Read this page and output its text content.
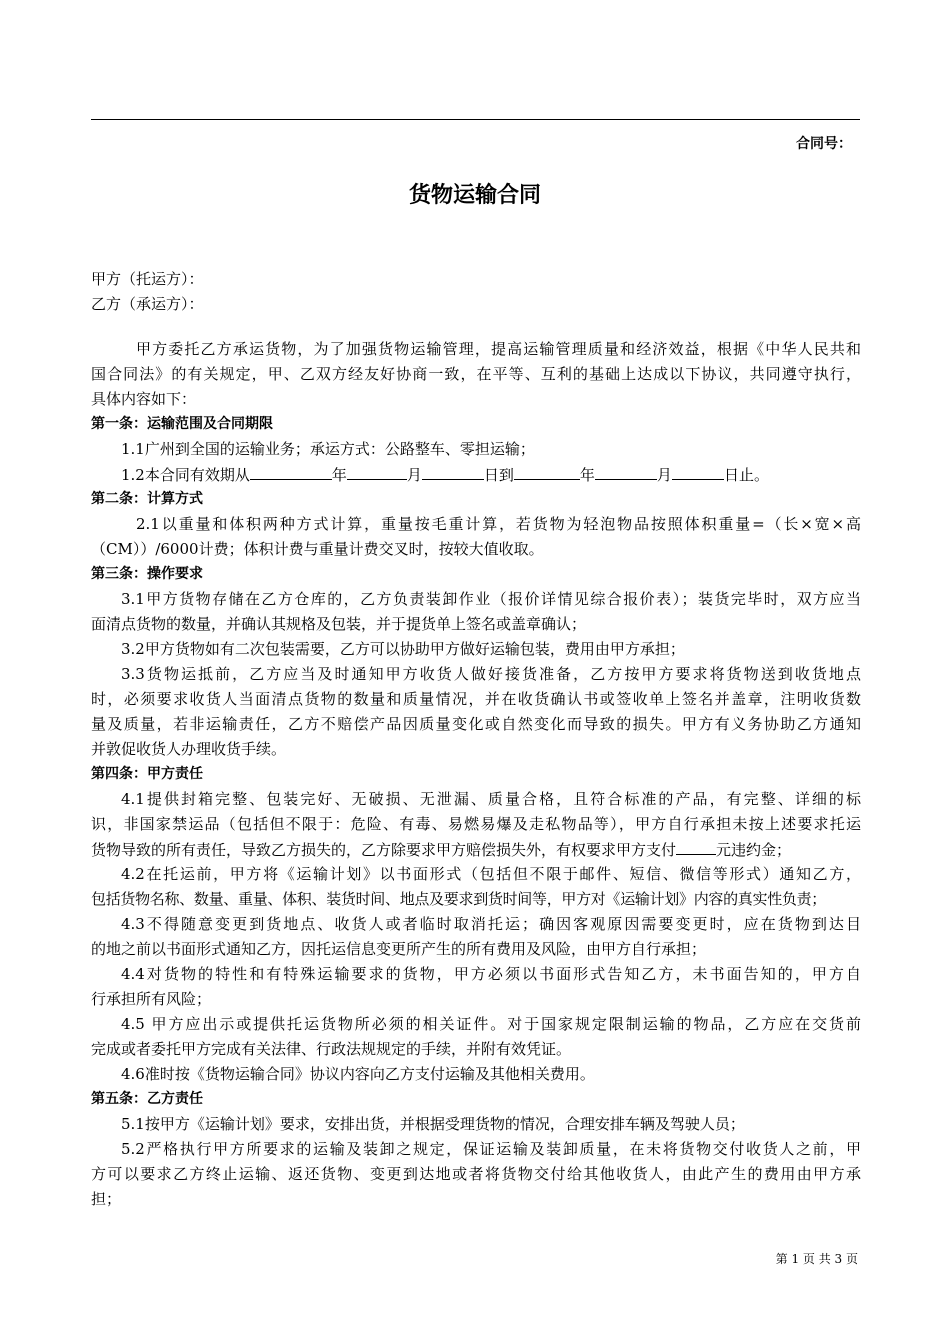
合同号：
货物运输合同
甲方（托运方）：
乙方（承运方）：
甲方委托乙方承运货物，为了加强货物运输管理，提高运输管理质量和经济效益，根据《中华人民共和
国合同法》的有关规定，甲、乙双方经友好协商一致，在平等、互利的基础上达成以下协议，共同遵守执行，
具体内容如下：
第一条：运输范围及合同期限
1.1广州到全国的运输业务；承运方式：公路整车、零担运输；
1.2本合同有效期从	年	月	日到	年	月	日止。
第二条：计算方式
2.1以重量和体积两种方式计算，重量按毛重计算，若货物为轻泡物品按照体积重量=（长×宽×高
（CM））/6000计费；体积计费与重量计费交叉时，按较大值收取。
第三条：操作要求
3.1甲方货物存储在乙方仓库的，乙方负责装卸作业（报价详情见综合报价表）；装货完毕时，双方应当
面清点货物的数量，并确认其规格及包装，并于提货单上签名或盖章确认；
3.2甲方货物如有二次包装需要，乙方可以协助甲方做好运输包装，费用由甲方承担；
3.3货物运抵前，乙方应当及时通知甲方收货人做好接货准备，乙方按甲方要求将货物送到收货地点
时，必须要求收货人当面清点货物的数量和质量情况，并在收货确认书或签收单上签名并盖章，注明收货数
量及质量，若非运输责任，乙方不赔偿产品因质量变化或自然变化而导致的损失。甲方有义务协助乙方通知
并敦促收货人办理收货手续。
第四条：甲方责任
4.1提供封箱完整、包装完好、无破损、无泄漏、质量合格，且符合标准的产品，有完整、详细的标
识，非国家禁运品（包括但不限于：危险、有毒、易燃易爆及走私物品等），甲方自行承担未按上述要求托运
货物导致的所有责任，导致乙方损失的，乙方除要求甲方赔偿损失外，有权要求甲方支付	元违约金；
4.2在托运前，甲方将《运输计划》以书面形式（包括但不限于邮件、短信、微信等形式）通知乙方，
包括货物名称、数量、重量、体积、装货时间、地点及要求到货时间等，甲方对《运输计划》内容的真实性负责；
4.3不得随意变更到货地点、收货人或者临时取消托运；确因客观原因需要变更时，应在货物到达目
的地之前以书面形式通知乙方，因托运信息变更所产生的所有费用及风险，由甲方自行承担；
4.4对货物的特性和有特殊运输要求的货物，甲方必须以书面形式告知乙方，未书面告知的，甲方自
行承担所有风险；
4.5 甲方应出示或提供托运货物所必须的相关证件。对于国家规定限制运输的物品，乙方应在交货前
完成或者委托甲方完成有关法律、行政法规规定的手续，并附有效凭证。
4.6准时按《货物运输合同》协议内容向乙方支付运输及其他相关费用。
第五条：乙方责任
5.1按甲方《运输计划》要求，安排出货，并根据受理货物的情况，合理安排车辆及驾驶人员；
5.2严格执行甲方所要求的运输及装卸之规定，保证运输及装卸质量，在未将货物交付收货人之前，甲
方可以要求乙方终止运输、返还货物、变更到达地或者将货物交付给其他收货人，由此产生的费用由甲方承
担；
第 1 页 共 3 页
